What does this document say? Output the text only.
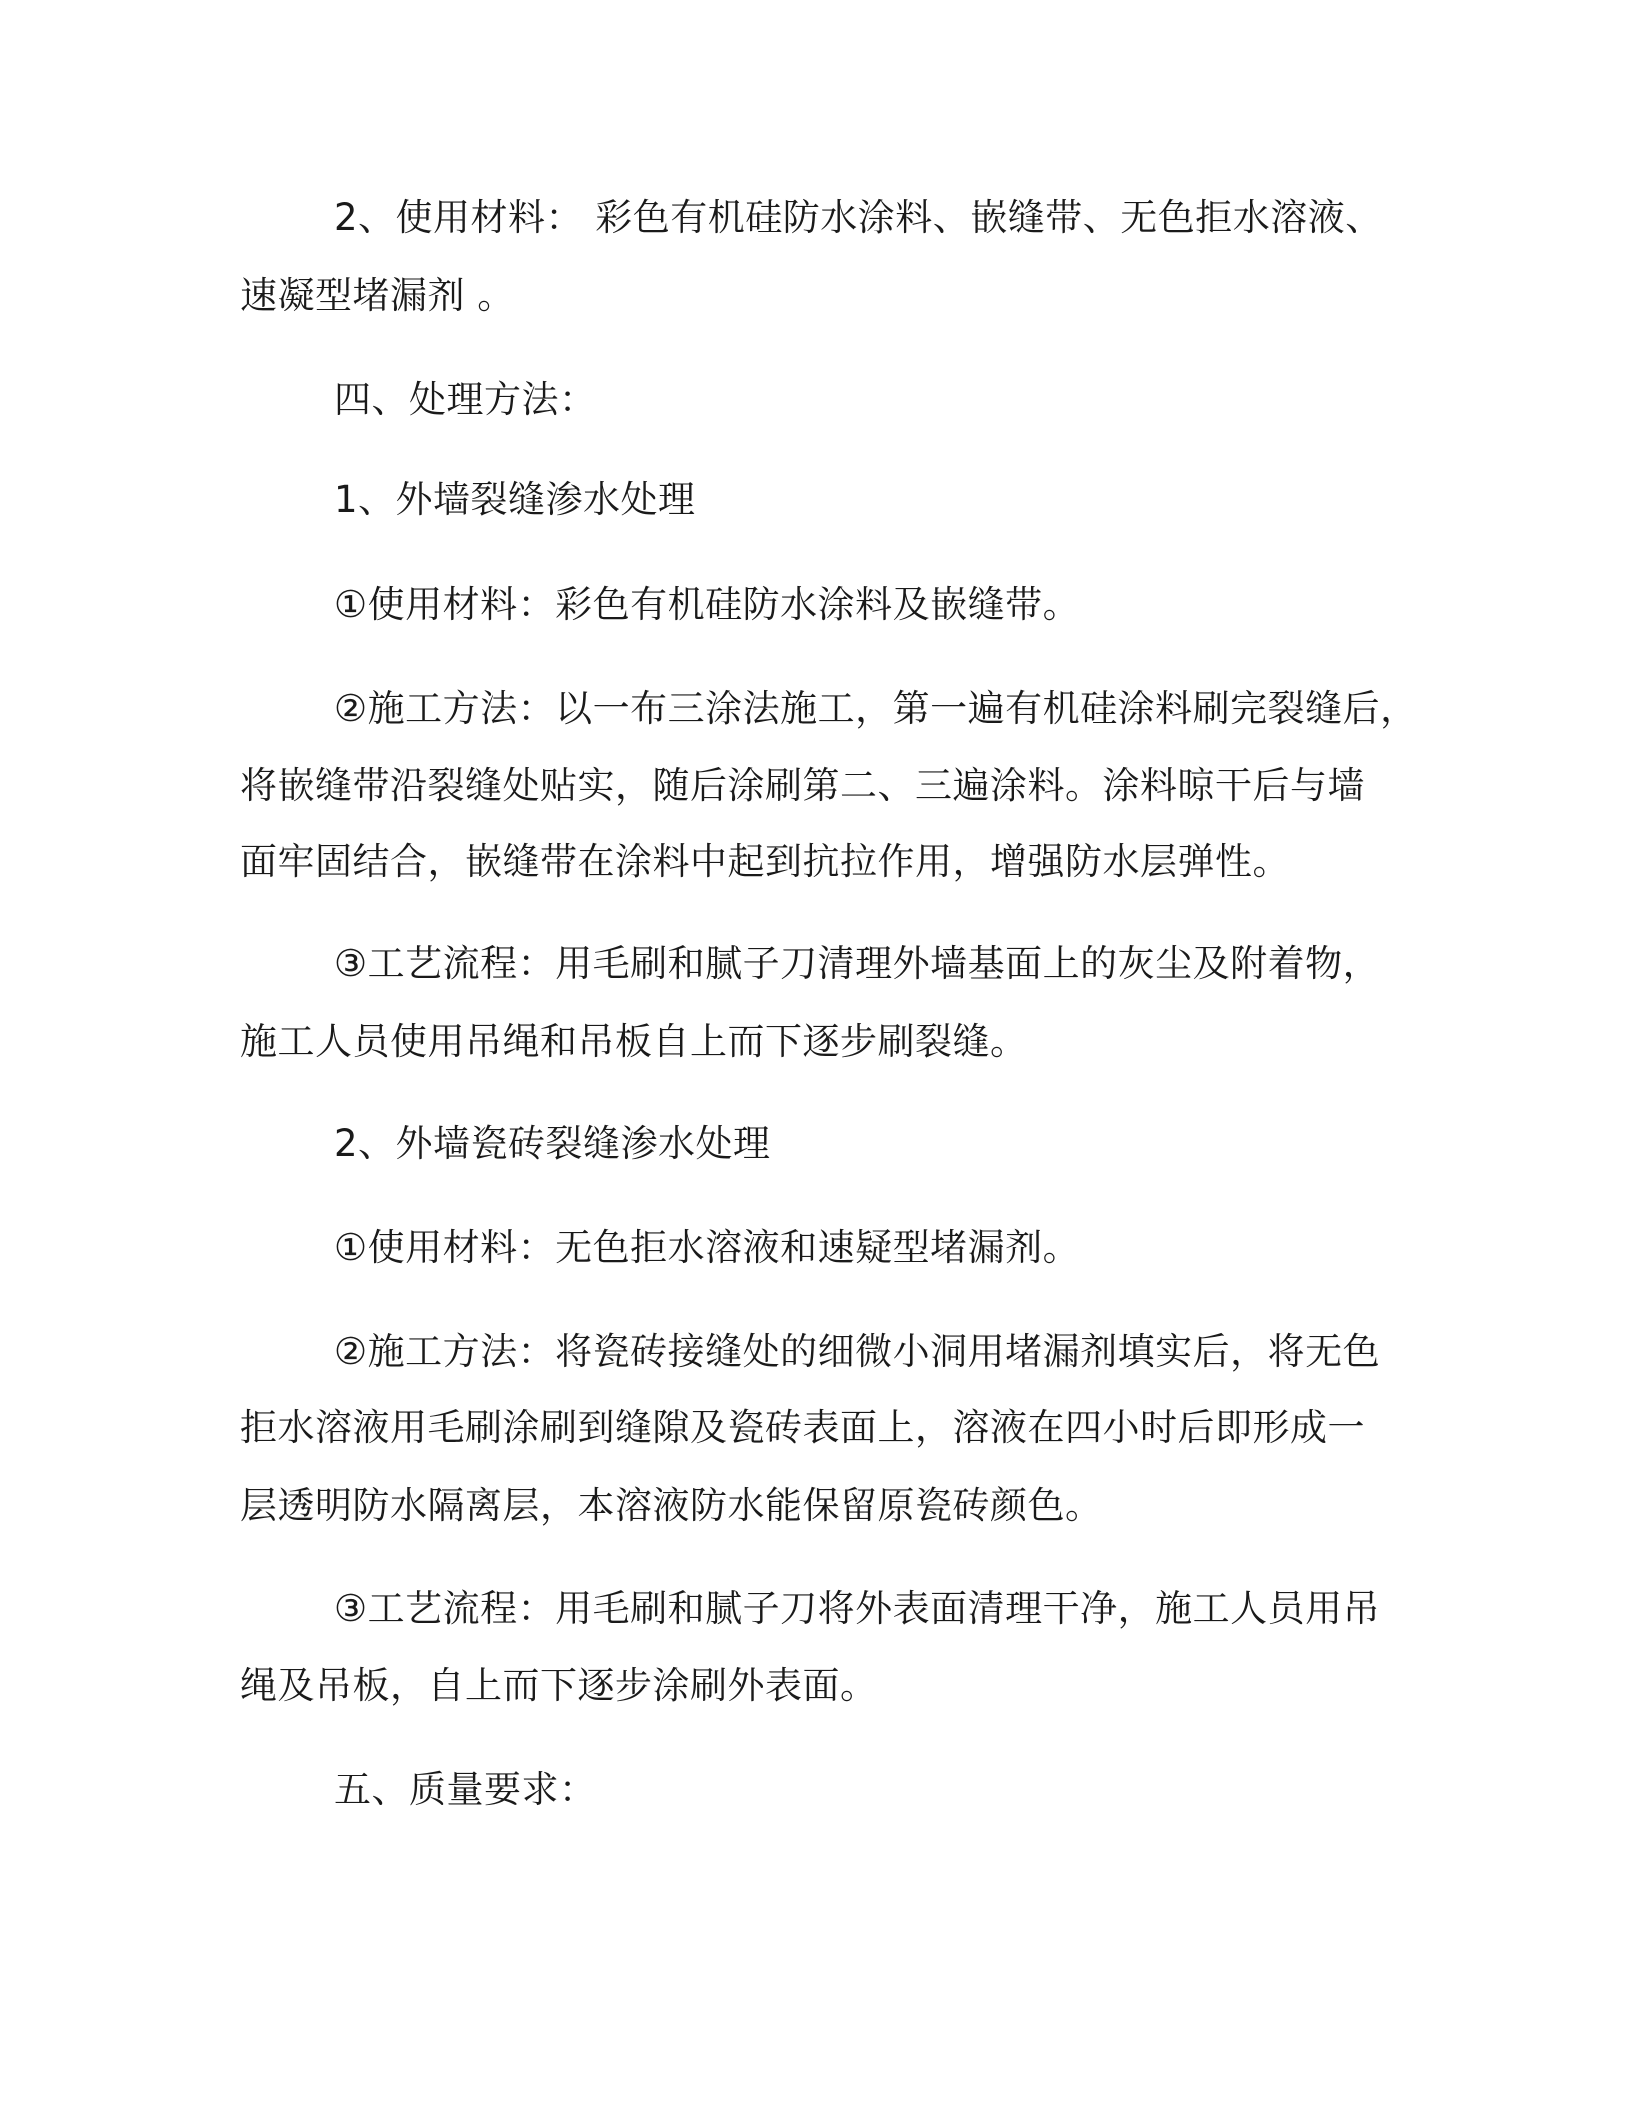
2、使用材料： 彩色有机硅防水涂料、嵌缝带、无色拒水溶液、
速凝型堵漏剂 。
四、处理方法：
1、外墙裂缝渗水处理
①使用材料：彩色有机硅防水涂料及嵌缝带。
②施工方法：以一布三涂法施工，第一遍有机硅涂料刷完裂缝后，
将嵌缝带沿裂缝处贴实，随后涂刷第二、三遍涂料。涂料晾干后与墙
面牢固结合，嵌缝带在涂料中起到抗拉作用，增强防水层弹性。
③工艺流程：用毛刷和腻子刀清理外墙基面上的灰尘及附着物，
施工人员使用吊绳和吊板自上而下逐步刷裂缝。
2、外墙瓷砖裂缝渗水处理
①使用材料：无色拒水溶液和速疑型堵漏剂。
②施工方法：将瓷砖接缝处的细微小洞用堵漏剂填实后，将无色
拒水溶液用毛刷涂刷到缝隙及瓷砖表面上，溶液在四小时后即形成一
层透明防水隔离层，本溶液防水能保留原瓷砖颜色。
③工艺流程：用毛刷和腻子刀将外表面清理干净，施工人员用吊
绳及吊板，自上而下逐步涂刷外表面。
五、质量要求：
